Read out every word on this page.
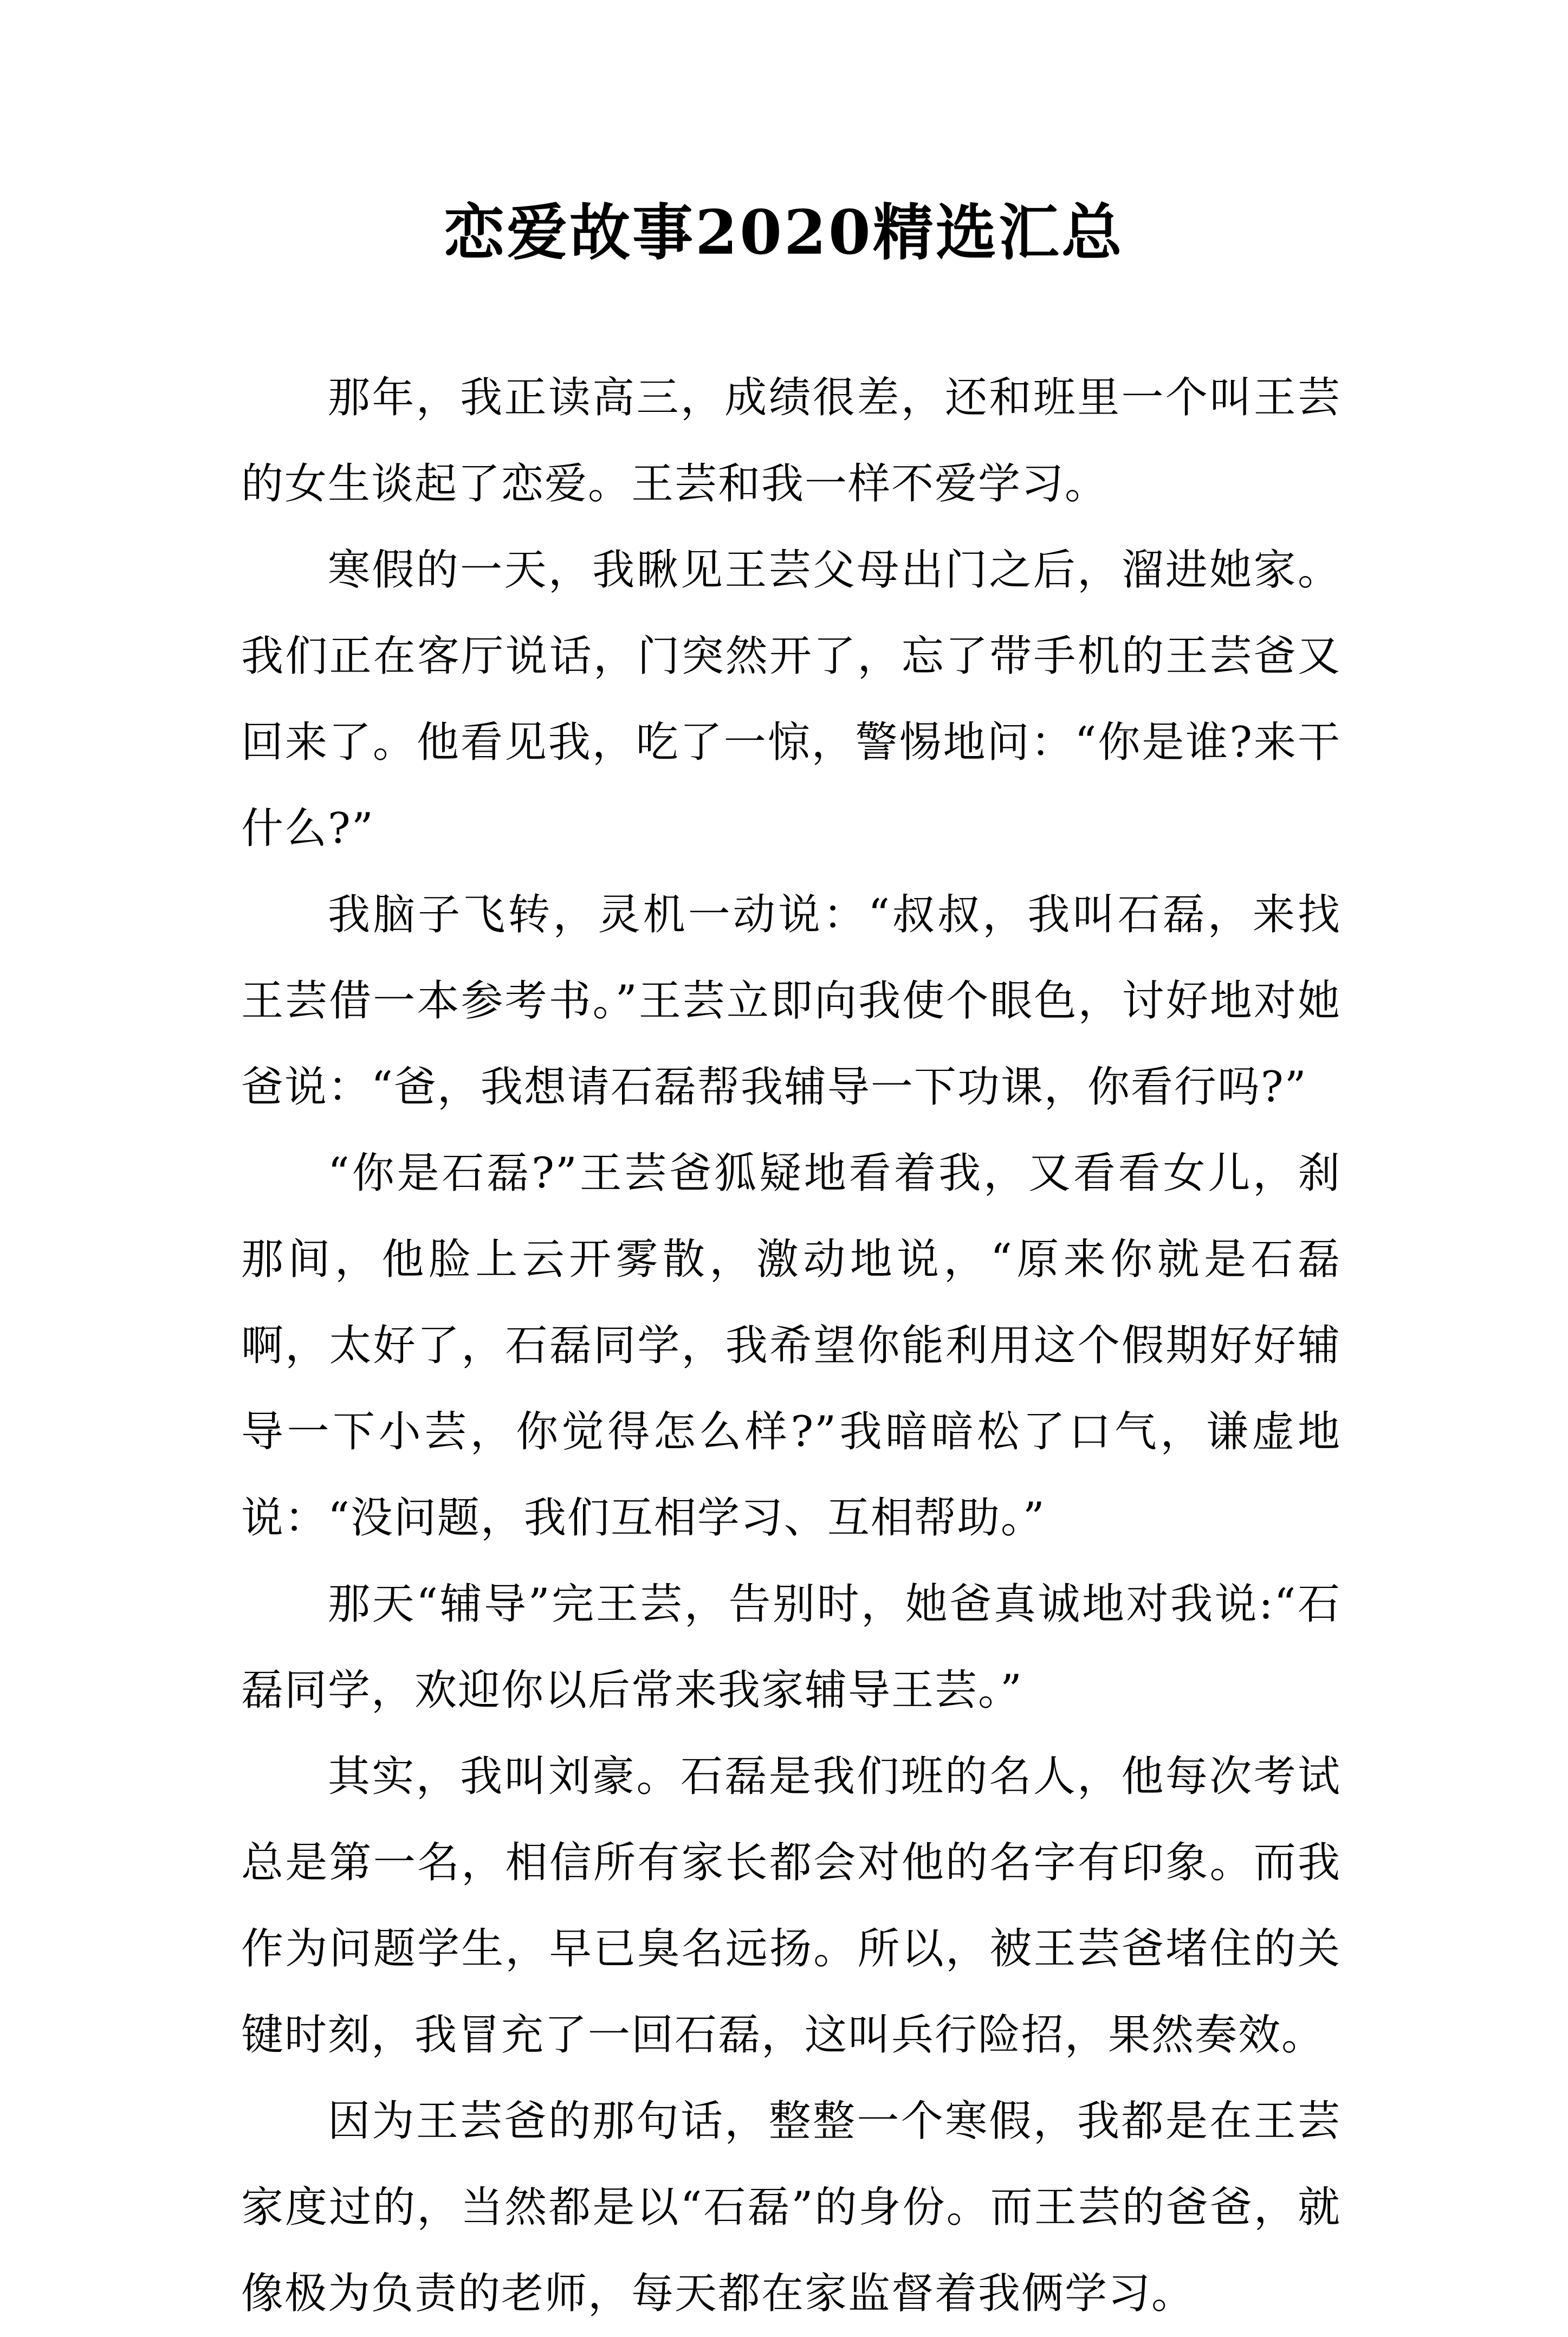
恋爱故事2020精选汇总

那年，我正读高三，成绩很差，还和班里一个叫王芸的女生谈起了恋爱。王芸和我一样不爱学习。

寒假的一天，我瞅见王芸父母出门之后，溜进她家。我们正在客厅说话，门突然开了，忘了带手机的王芸爸又回来了。他看见我，吃了一惊，警惕地问：“你是谁?来干什么?”

我脑子飞转，灵机一动说：“叔叔，我叫石磊，来找王芸借一本参考书。”王芸立即向我使个眼色，讨好地对她爸说：“爸，我想请石磊帮我辅导一下功课，你看行吗?”

“你是石磊?”王芸爸狐疑地看着我，又看看女儿，刹那间，他脸上云开雾散，激动地说，“原来你就是石磊啊，太好了，石磊同学，我希望你能利用这个假期好好辅导一下小芸，你觉得怎么样?”我暗暗松了口气，谦虚地说：“没问题，我们互相学习、互相帮助。”

那天“辅导”完王芸，告别时，她爸真诚地对我说:“石磊同学，欢迎你以后常来我家辅导王芸。”

其实，我叫刘豪。石磊是我们班的名人，他每次考试总是第一名，相信所有家长都会对他的名字有印象。而我作为问题学生，早已臭名远扬。所以，被王芸爸堵住的关键时刻，我冒充了一回石磊，这叫兵行险招，果然奏效。

因为王芸爸的那句话，整整一个寒假，我都是在王芸家度过的，当然都是以“石磊”的身份。而王芸的爸爸，就像极为负责的老师，每天都在家监督着我俩学习。
